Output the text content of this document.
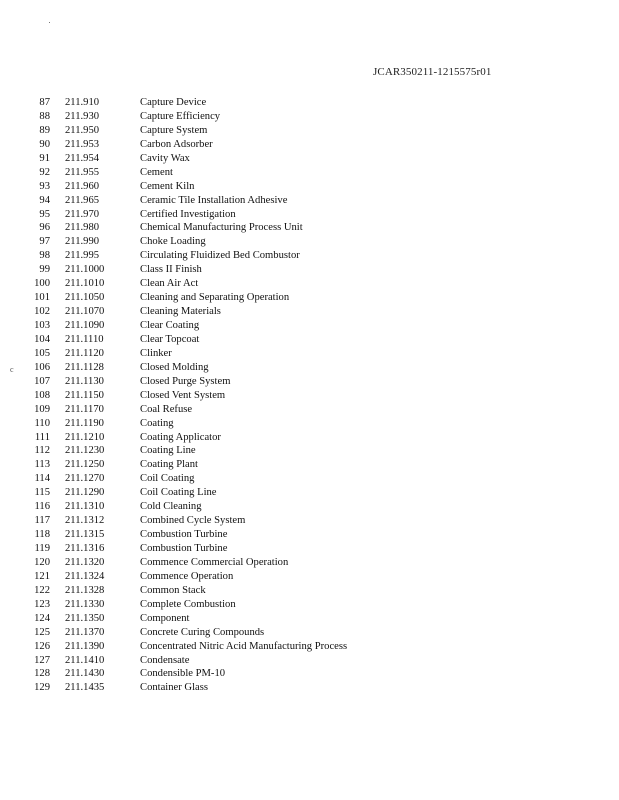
JCAR350211-1215575r01
c
87 211.910	Capture Device
88 211.930	Capture Efficiency
89 211.950	Capture System
90 211.953	Carbon Adsorber
91 211.954	Cavity Wax
92 211.955	Cement
93 211.960	Cement Kiln
94 211.965	Ceramic Tile Installation Adhesive
95 211.970	Certified Investigation
96 211.980	Chemical Manufacturing Process Unit
97 211.990	Choke Loading
98 211.995	Circulating Fluidized Bed Combustor
99 211.1000	Class II Finish
100 211.1010	Clean Air Act
101 211.1050	Cleaning and Separating Operation
102 211.1070	Cleaning Materials
103 211.1090	Clear Coating
104 211.1110	Clear Topcoat
105 211.1120	Clinker
106 211.1128	Closed Molding
107 211.1130	Closed Purge System
108 211.1150	Closed Vent System
109 211.1170	Coal Refuse
110 211.1190	Coating
111 211.1210	Coating Applicator
112 211.1230	Coating Line
113 211.1250	Coating Plant
114 211.1270	Coil Coating
115 211.1290	Coil Coating Line
116 211.1310	Cold Cleaning
117 211.1312	Combined Cycle System
118 211.1315	Combustion Turbine
119 211.1316	Combustion Turbine
120 211.1320	Commence Commercial Operation
121 211.1324	Commence Operation
122 211.1328	Common Stack
123 211.1330	Complete Combustion
124 211.1350	Component
125 211.1370	Concrete Curing Compounds
126 211.1390	Concentrated Nitric Acid Manufacturing Process
127 211.1410	Condensate
128 211.1430	Condensible PM-10
129 211.1435	Container Glass
